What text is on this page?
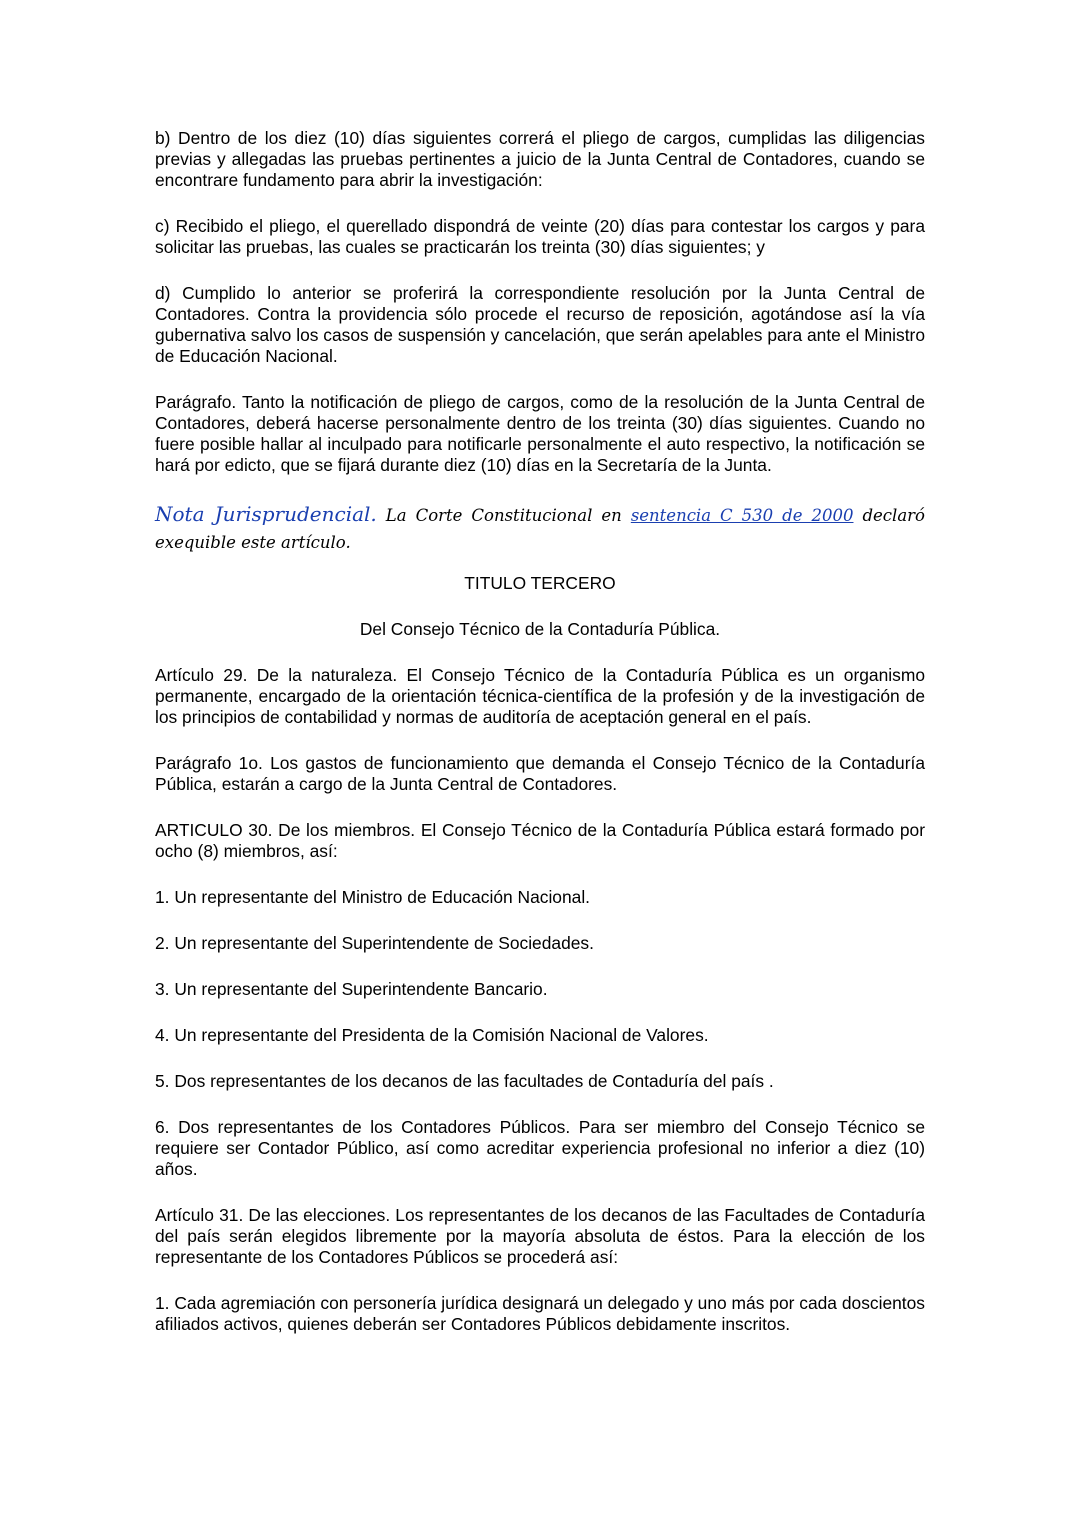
b) Dentro de los diez (10) días siguientes correrá el pliego de cargos, cumplidas las diligencias previas y allegadas las pruebas pertinentes a juicio de la Junta Central de Contadores, cuando se encontrare fundamento para abrir la investigación:

c) Recibido el pliego, el querellado dispondrá de veinte (20) días para contestar los cargos y para solicitar las pruebas, las cuales se practicarán los treinta (30) días siguientes; y

d) Cumplido lo anterior se proferirá la correspondiente resolución por la Junta Central de Contadores. Contra la providencia sólo procede el recurso de reposición, agotándose así la vía gubernativa salvo los casos de suspensión y cancelación, que serán apelables para ante el Ministro de Educación Nacional.

Parágrafo. Tanto la notificación de pliego de cargos, como de la resolución de la Junta Central de Contadores, deberá hacerse personalmente dentro de los treinta (30) días siguientes. Cuando no fuere posible hallar al inculpado para notificarle personalmente el auto respectivo, la notificación se hará por edicto, que se fijará durante diez (10) días en la Secretaría de la Junta.

Nota Jurisprudencial. La Corte Constitucional en sentencia C 530 de 2000 declaró exequible este artículo.

TITULO TERCERO

Del Consejo Técnico de la Contaduría Pública.

Artículo 29. De la naturaleza. El Consejo Técnico de la Contaduría Pública es un organismo permanente, encargado de la orientación técnica-científica de la profesión y de la investigación de los principios de contabilidad y normas de auditoría de aceptación general en el país.

Parágrafo 1o. Los gastos de funcionamiento que demanda el Consejo Técnico de la Contaduría Pública, estarán a cargo de la Junta Central de Contadores.

ARTICULO 30. De los miembros. El Consejo Técnico de la Contaduría Pública estará formado por ocho (8) miembros, así:

1. Un representante del Ministro de Educación Nacional.

2. Un representante del Superintendente de Sociedades.

3. Un representante del Superintendente Bancario.

4. Un representante del Presidenta de la Comisión Nacional de Valores.

5. Dos representantes de los decanos de las facultades de Contaduría del país .

6. Dos representantes de los Contadores Públicos. Para ser miembro del Consejo Técnico se requiere ser Contador Público, así como acreditar experiencia profesional no inferior a diez (10) años.

Artículo 31. De las elecciones. Los representantes de los decanos de las Facultades de Contaduría del país serán elegidos libremente por la mayoría absoluta de éstos. Para la elección de los representante de los Contadores Públicos se procederá así:

1. Cada agremiación con personería jurídica designará un delegado y uno más por cada doscientos afiliados activos, quienes deberán ser Contadores Públicos debidamente inscritos.
